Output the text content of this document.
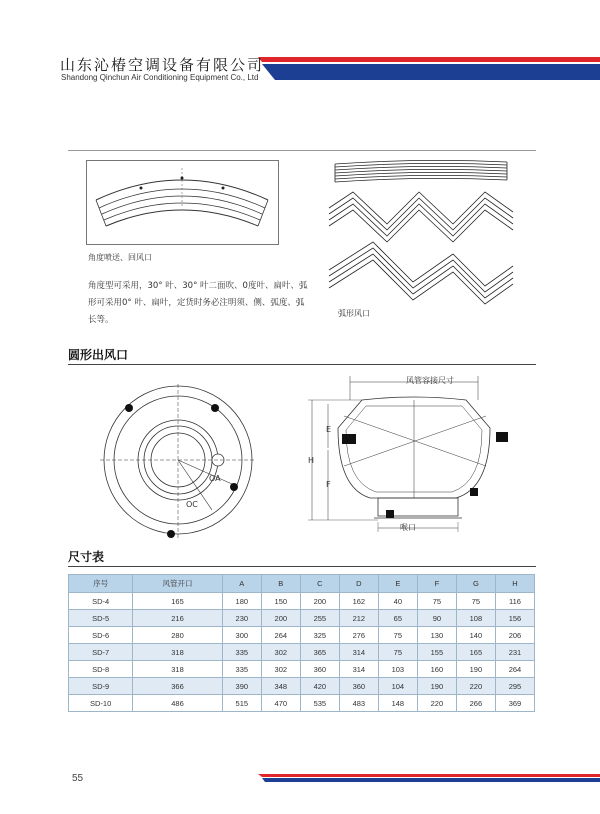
山东沁椿空调设备有限公司
Shandong Qinchun Air Conditioning Equipment Co., Ltd
角度喷送、回风口
角度型可采用，30° 叶、30° 叶二面吹、0度叶、扁叶、弧形可采用0° 叶、扁叶，定货时务必注明须、侧、弧度、弧长等。
弧形风口
圆形出风口
OA
OC
风管容接尺寸
H
E
F
喉口
尺寸表
序号	风管开口	A	B	C	D	E	F	G	H
SD-4	165	180	150	200	162	40	75	75	116
SD-5	216	230	200	255	212	65	90	108	156
SD-6	280	300	264	325	276	75	130	140	206
SD-7	318	335	302	365	314	75	155	165	231
SD-8	318	335	302	360	314	103	160	190	264
SD-9	366	390	348	420	360	104	190	220	295
SD-10	486	515	470	535	483	148	220	266	369
55
